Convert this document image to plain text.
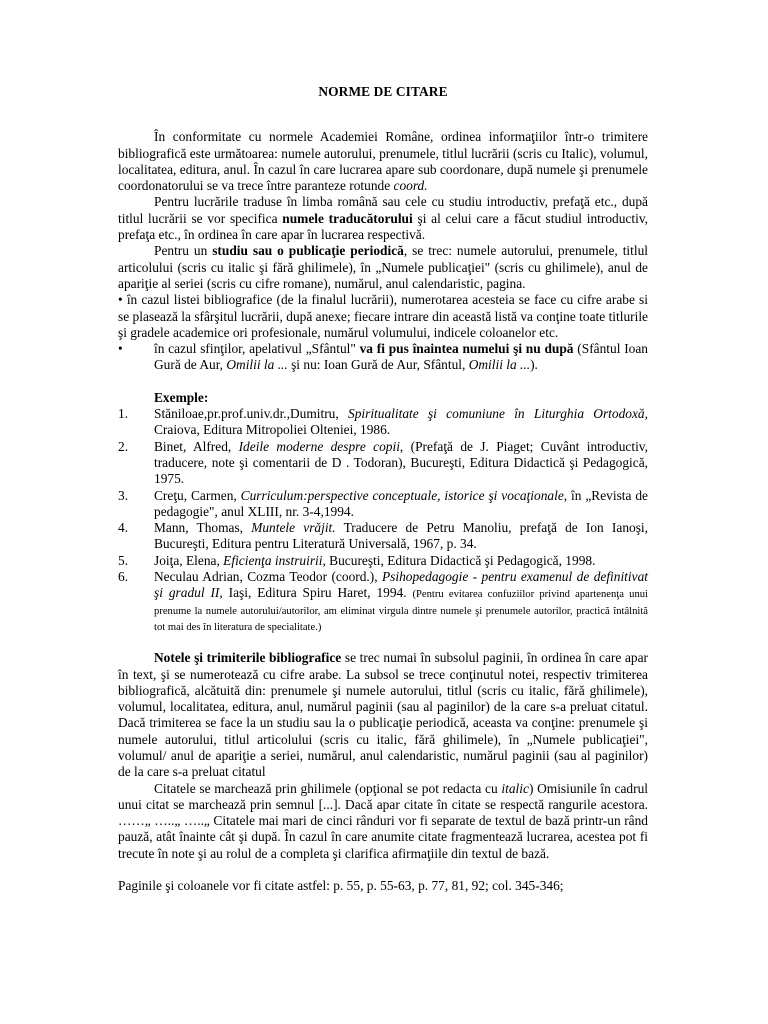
NORME DE CITARE

În conformitate cu normele Academiei Române, ordinea informaţiilor într-o trimitere bibliografică este următoarea: numele autorului, prenumele, titlul lucrării (scris cu Italic), volumul, localitatea, editura, anul. În cazul în care lucrarea apare sub coordonare, după numele şi prenumele coordonatorului se va trece între paranteze rotunde coord.

Pentru lucrările traduse în limba română sau cele cu studiu introductiv, prefaţă etc., după titlul lucrării se vor specifica numele traducătorului şi al celui care a făcut studiul introductiv, prefaţa etc., în ordinea în care apar în lucrarea respectivă.

Pentru un studiu sau o publicaţie periodică, se trec: numele autorului, prenumele, titlul articolului (scris cu italic şi fără ghilimele), în „Numele publicaţiei" (scris cu ghilimele), anul de apariţie al seriei (scris cu cifre romane), numărul, anul calendaristic, pagina.

• în cazul listei bibliografice (de la finalul lucrării), numerotarea acesteia se face cu cifre arabe si se plasează la sfârşitul lucrării, după anexe; fiecare intrare din această listă va conţine toate titlurile şi gradele academice ori profesionale, numărul volumului, indicele coloanelor etc.

•	în cazul sfinţilor, apelativul „Sfântul" va fi pus înaintea numelui şi nu după (Sfântul Ioan Gură de Aur, Omilii la ... şi nu: Ioan Gură de Aur, Sfântul, Omilii la ...).

Exemple:

1.	Stăniloae,pr.prof.univ.dr.,Dumitru, Spiritualitate şi comuniune în Liturghia Ortodoxă, Craiova, Editura Mitropoliei Olteniei, 1986.
2.	Binet, Alfred, Ideile moderne despre copii, (Prefaţă de J. Piaget; Cuvânt introductiv, traducere, note şi comentarii de D . Todoran), Bucureşti, Editura Didactică şi Pedagogică, 1975.
3.	Creţu, Carmen, Curriculum:perspective conceptuale, istorice şi vocaţionale, în „Revista de pedagogie", anul XLIII, nr. 3-4,1994.
4.	Mann, Thomas, Muntele vrăjit. Traducere de Petru Manoliu, prefaţă de Ion Ianoşi, Bucureşti, Editura pentru Literatură Universală, 1967, p. 34.
5.	Joiţa, Elena, Eficienţa instruirii, Bucureşti, Editura Didactică şi Pedagogică, 1998.
6.	Neculau Adrian, Cozma Teodor (coord.), Psihopedagogie - pentru examenul de definitivat şi gradul II, Iaşi, Editura Spiru Haret, 1994. (Pentru evitarea confuziilor privind apartenenţa unui prenume la numele autorului/autorilor, am eliminat virgula dintre numele şi prenumele autorilor, practică întâlnită tot mai des în literatura de specialitate.)

Notele şi trimiterile bibliografice se trec numai în subsolul paginii, în ordinea în care apar în text, şi se numerotează cu cifre arabe. La subsol se trece conţinutul notei, respectiv trimiterea bibliografică, alcătuită din: prenumele şi numele autorului, titlul (scris cu italic, fără ghilimele), volumul, localitatea, editura, anul, numărul paginii (sau al paginilor) de la care s-a preluat citatul. Dacă trimiterea se face la un studiu sau la o publicaţie periodică, aceasta va conţine: prenumele şi numele autorului, titlul articolului (scris cu italic, fără ghilimele), în „Numele publicaţiei", volumul/ anul de apariţie a seriei, numărul, anul calendaristic, numărul paginii (sau al paginilor) de la care s-a preluat citatul

Citatele se marchează prin ghilimele (opţional se pot redacta cu italic) Omisiunile în cadrul unui citat se marchează prin semnul [...]. Dacă apar citate în citate se respectă rangurile acestora. ……„ …..„ …..„ Citatele mai mari de cinci rânduri vor fi separate de textul de bază printr-un rând pauză, atât înainte cât şi după. În cazul în care anumite citate fragmentează lucrarea, acestea pot fi trecute în note şi au rolul de a completa şi clarifica afirmaţiile din textul de bază.

Paginile şi coloanele vor fi citate astfel: p. 55, p. 55-63, p. 77, 81, 92; col. 345-346;
